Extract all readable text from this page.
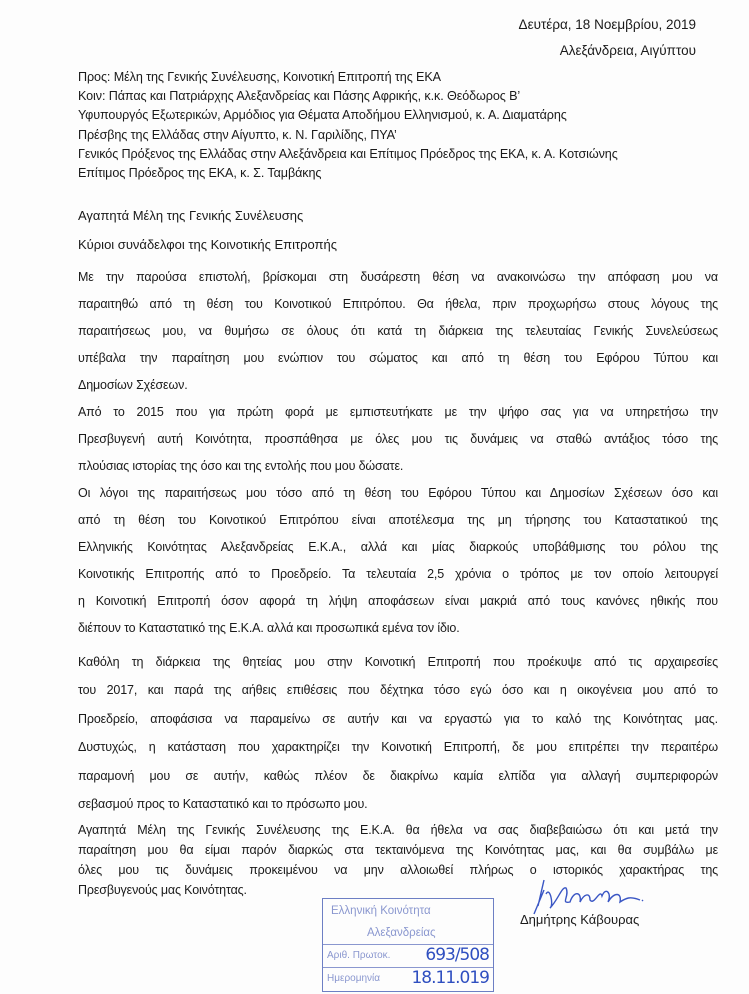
Δευτέρα, 18 Νοεμβρίου, 2019
Αλεξάνδρεια, Αιγύπτου
Προς: Μέλη της Γενικής Συνέλευσης, Κοινοτική Επιτροπή της ΕΚΑ
Κοιν: Πάπας και Πατριάρχης Αλεξανδρείας και Πάσης Αφρικής, κ.κ. Θεόδωρος Β’
Υφυπουργός Εξωτερικών, Αρμόδιος για Θέματα Αποδήμου Ελληνισμού, κ. Α. Διαματάρης
Πρέσβης της Ελλάδας στην Αίγυπτο, κ. Ν. Γαριλίδης, ΠΥΑ’
Γενικός Πρόξενος της Ελλάδας στην Αλεξάνδρεια και Επίτιμος Πρόεδρος της ΕΚΑ, κ. Α. Κοτσιώνης
Επίτιμος Πρόεδρος της ΕΚΑ, κ. Σ. Ταμβάκης
Αγαπητά Μέλη της Γενικής Συνέλευσης
Κύριοι συνάδελφοι της Κοινοτικής Επιτροπής
Με την παρούσα επιστολή, βρίσκομαι στη δυσάρεστη θέση να ανακοινώσω την απόφαση μου να
παραιτηθώ από τη θέση του Κοινοτικού Επιτρόπου. Θα ήθελα, πριν προχωρήσω στους λόγους της
παραιτήσεως μου, να θυμήσω σε όλους ότι κατά τη διάρκεια της τελευταίας Γενικής Συνελεύσεως
υπέβαλα την παραίτηση μου ενώπιον του σώματος και από τη θέση του Εφόρου Τύπου και
Δημοσίων Σχέσεων.
Από το 2015 που για πρώτη φορά με εμπιστευτήκατε με την ψήφο σας για να υπηρετήσω την
Πρεσβυγενή αυτή Κοινότητα, προσπάθησα με όλες μου τις δυνάμεις να σταθώ αντάξιος τόσο της
πλούσιας ιστορίας της όσο και της εντολής που μου δώσατε.
Οι λόγοι της παραιτήσεως μου τόσο από τη θέση του Εφόρου Τύπου και Δημοσίων Σχέσεων όσο και
από τη θέση του Κοινοτικού Επιτρόπου είναι αποτέλεσμα της μη τήρησης του Καταστατικού της
Ελληνικής Κοινότητας Αλεξανδρείας Ε.Κ.Α., αλλά και μίας διαρκούς υποβάθμισης του ρόλου της
Κοινοτικής Επιτροπής από το Προεδρείο. Τα τελευταία 2,5 χρόνια ο τρόπος με τον οποίο λειτουργεί
η Κοινοτική Επιτροπή όσον αφορά τη λήψη αποφάσεων είναι μακριά από τους κανόνες ηθικής που
διέπουν το Καταστατικό της Ε.Κ.Α. αλλά και προσωπικά εμένα τον ίδιο.
Καθόλη τη διάρκεια της θητείας μου στην Κοινοτική Επιτροπή που προέκυψε από τις αρχαιρεσίες
του 2017, και παρά της αήθεις επιθέσεις που δέχτηκα τόσο εγώ όσο και η οικογένεια μου από το
Προεδρείο, αποφάσισα να παραμείνω σε αυτήν και να εργαστώ για το καλό της Κοινότητας μας.
Δυστυχώς, η κατάσταση που χαρακτηρίζει την Κοινοτική Επιτροπή, δε μου επιτρέπει την περαιτέρω
παραμονή μου σε αυτήν, καθώς πλέον δε διακρίνω καμία ελπίδα για αλλαγή συμπεριφορών
σεβασμού προς το Καταστατικό και το πρόσωπο μου.
Αγαπητά Μέλη της Γενικής Συνέλευσης της Ε.Κ.Α. θα ήθελα να σας διαβεβαιώσω ότι και μετά την
παραίτηση μου θα είμαι παρόν διαρκώς στα τεκταινόμενα της Κοινότητας μας, και θα συμβάλω με
όλες μου τις δυνάμεις προκειμένου να μην αλλοιωθεί πλήρως ο ιστορικός χαρακτήρας της
Πρεσβυγενούς μας Κοινότητας.
Ελληνική Κοινότητα
Αλεξανδρείας
Αριθ. Πρωτοκ. 693/508
Ημερομηνία 18.11.019
Δημήτρης Κάβουρας
